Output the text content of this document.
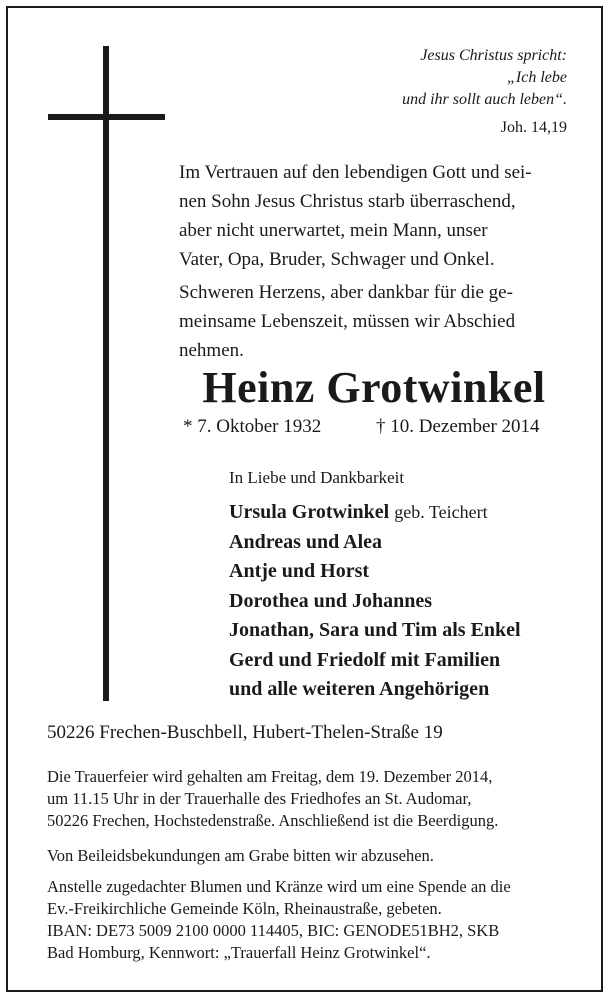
Jesus Christus spricht:
„Ich lebe
und ihr sollt auch leben“.
Joh. 14,19
Im Vertrauen auf den lebendigen Gott und sei-
nen Sohn Jesus Christus starb überraschend,
aber nicht unerwartet, mein Mann, unser
Vater, Opa, Bruder, Schwager und Onkel.
Schweren Herzens, aber dankbar für die ge-
meinsame Lebenszeit, müssen wir Abschied
nehmen.
Heinz Grotwinkel
* 7. Oktober 1932	† 10. Dezember 2014
In Liebe und Dankbarkeit
Ursula Grotwinkel geb. Teichert
Andreas und Alea
Antje und Horst
Dorothea und Johannes
Jonathan, Sara und Tim als Enkel
Gerd und Friedolf mit Familien
und alle weiteren Angehörigen
50226 Frechen-Buschbell, Hubert-Thelen-Straße 19
Die Trauerfeier wird gehalten am Freitag, dem 19. Dezember 2014,
um 11.15 Uhr in der Trauerhalle des Friedhofes an St. Audomar,
50226 Frechen, Hochstedenstraße. Anschließend ist die Beerdigung.
Von Beileidsbekundungen am Grabe bitten wir abzusehen.
Anstelle zugedachter Blumen und Kränze wird um eine Spende an die
Ev.-Freikirchliche Gemeinde Köln, Rheinaustraße, gebeten.
IBAN: DE73 5009 2100 0000 114405, BIC: GENODE51BH2, SKB
Bad Homburg, Kennwort: „Trauerfall Heinz Grotwinkel“.
